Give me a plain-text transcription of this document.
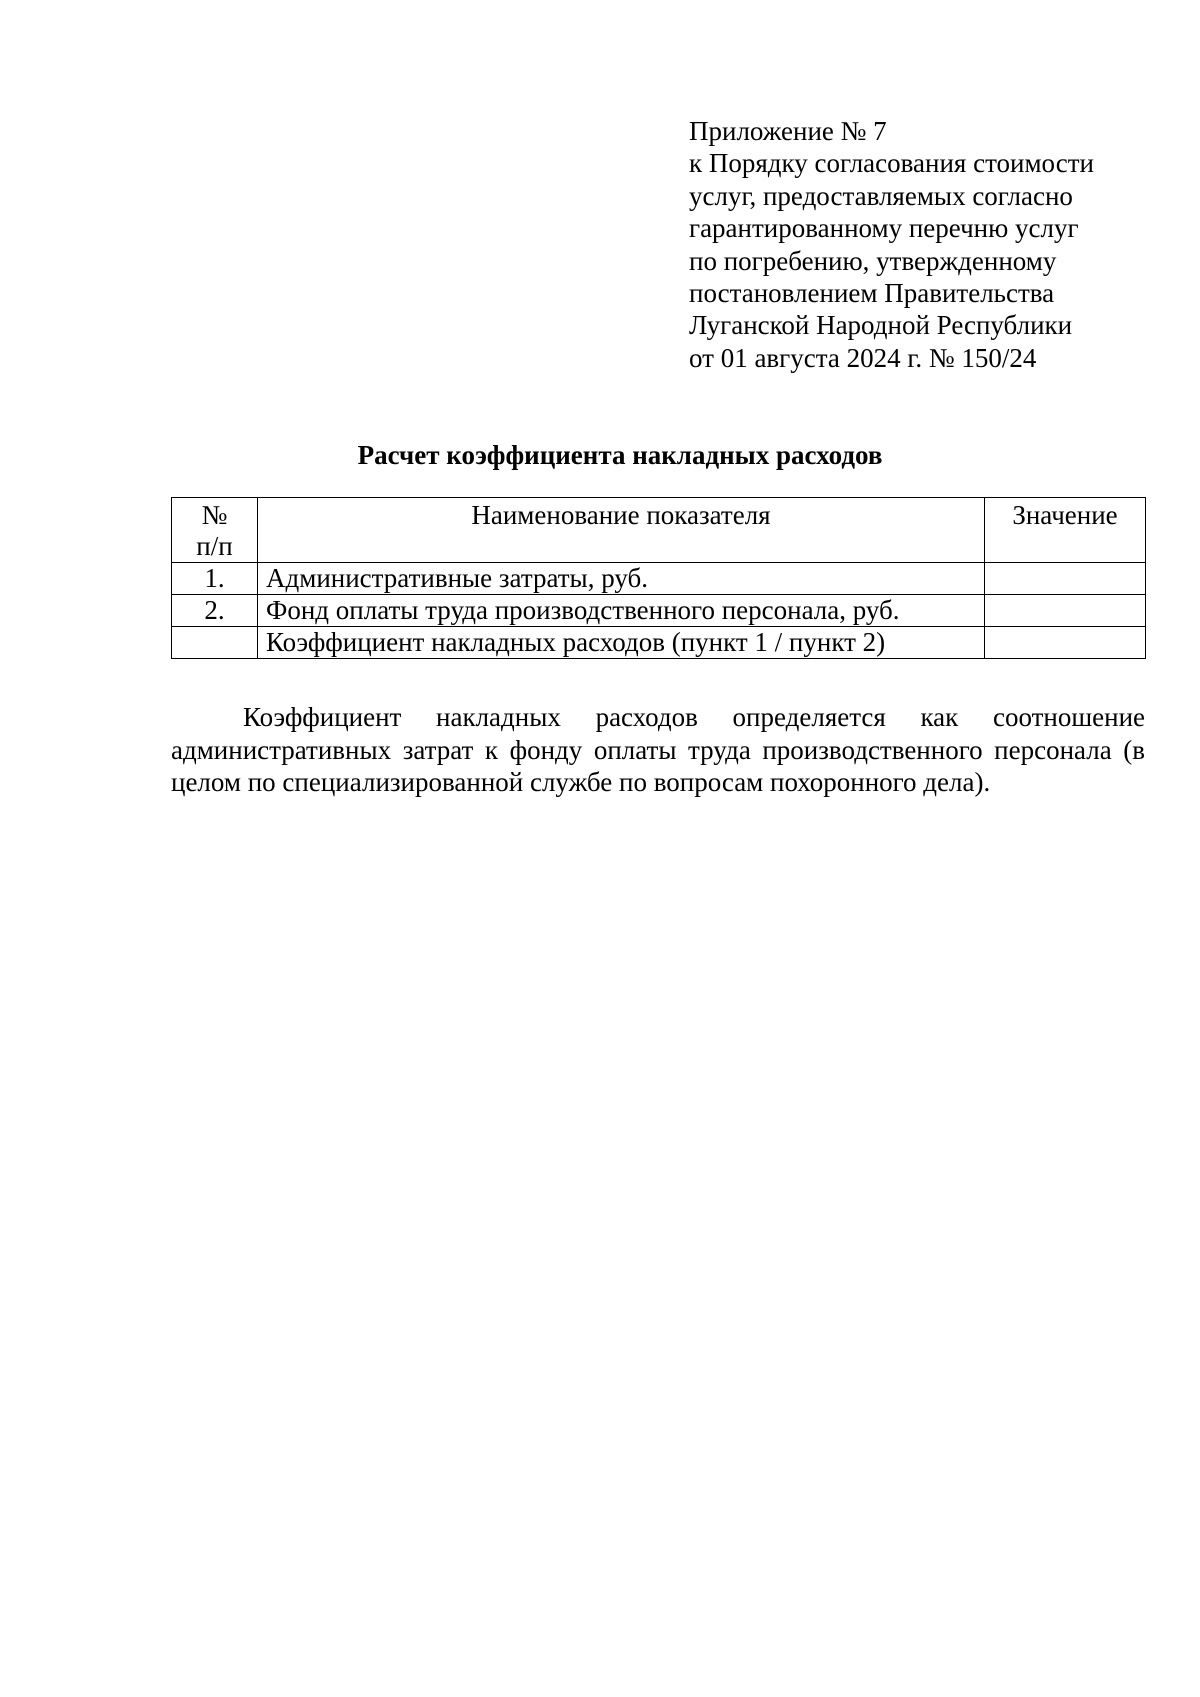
Приложение № 7
к Порядку согласования стоимости
услуг, предоставляемых согласно
гарантированному перечню услуг
по погребению, утвержденному
постановлением Правительства
Луганской Народной Республики
от 01 августа 2024 г. № 150/24
Расчет коэффициента накладных расходов
№
п/п	Наименование показателя	Значение
1.	Административные затраты, руб.	
2.	Фонд оплаты труда производственного персонала, руб.	
	Коэффициент накладных расходов (пункт 1 / пункт 2)	
Коэффициент накладных расходов определяется как соотношение административных затрат к фонду оплаты труда производственного персонала (в целом по специализированной службе по вопросам похоронного дела).
